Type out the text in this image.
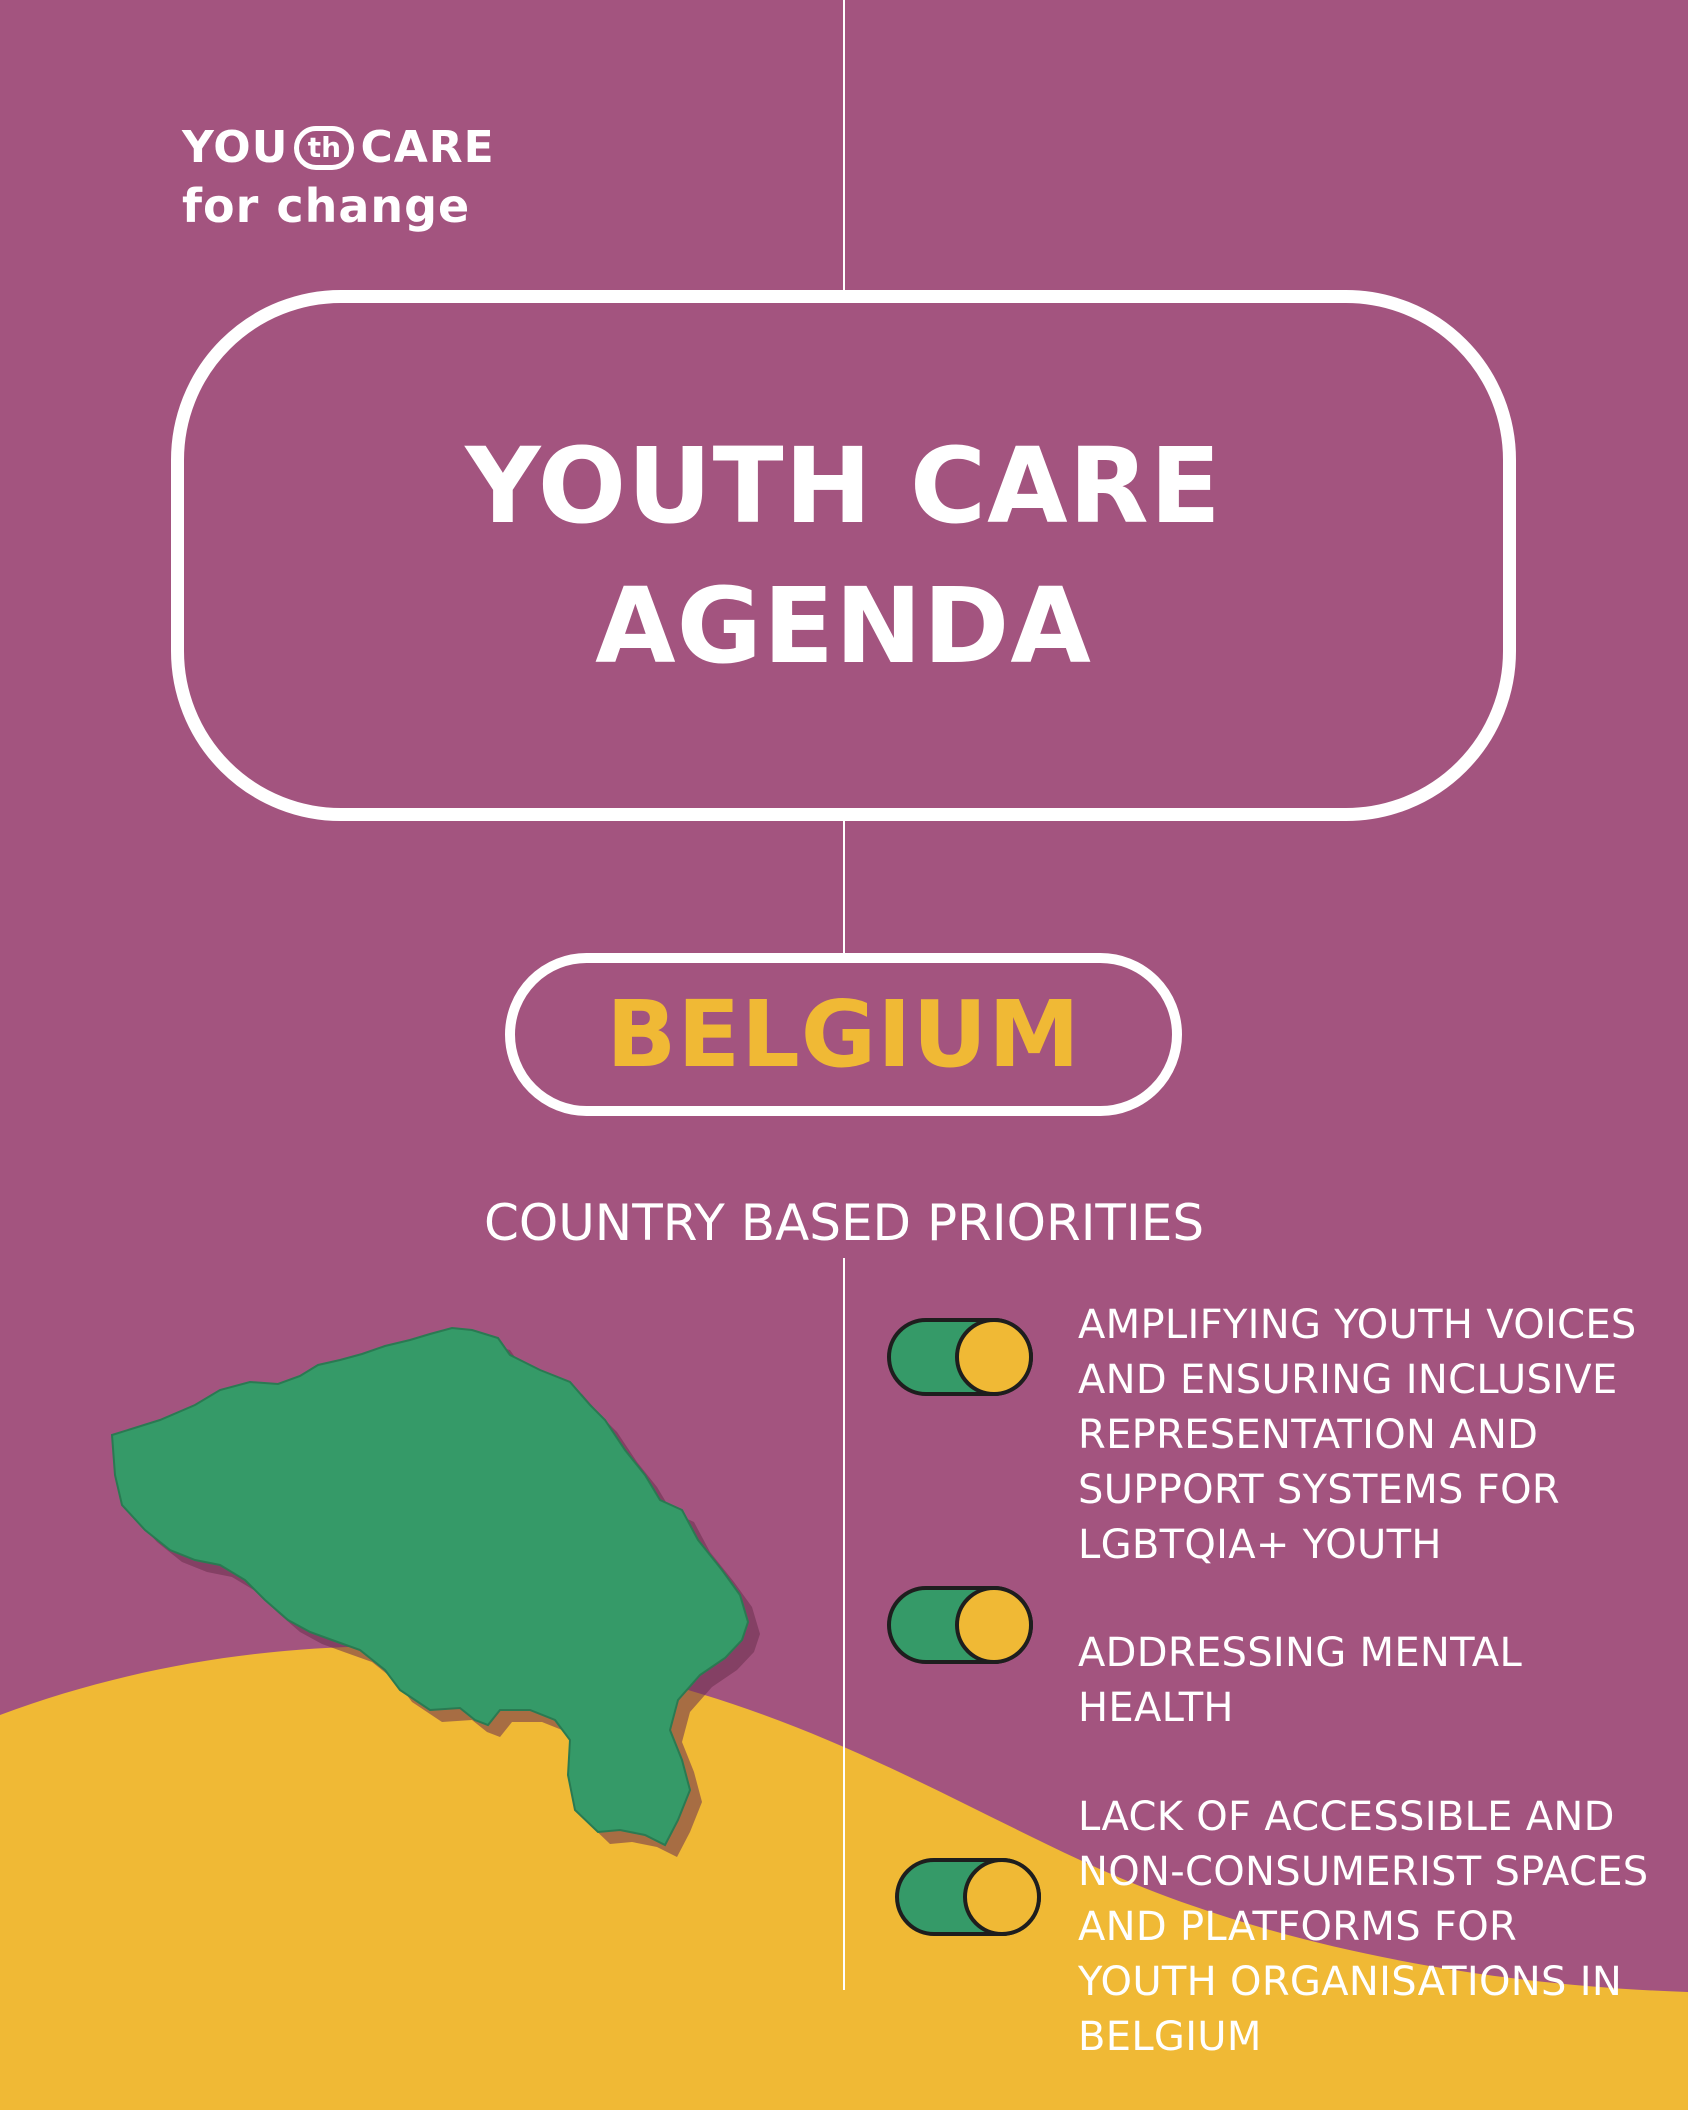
YOU th CARE
for change
YOUTH CARE
AGENDA
BELGIUM
COUNTRY BASED PRIORITIES
AMPLIFYING YOUTH VOICES AND ENSURING INCLUSIVE REPRESENTATION AND SUPPORT SYSTEMS FOR LGBTQIA+ YOUTH
ADDRESSING MENTAL HEALTH
LACK OF ACCESSIBLE AND NON-CONSUMERIST SPACES AND PLATFORMS FOR YOUTH ORGANISATIONS IN BELGIUM
